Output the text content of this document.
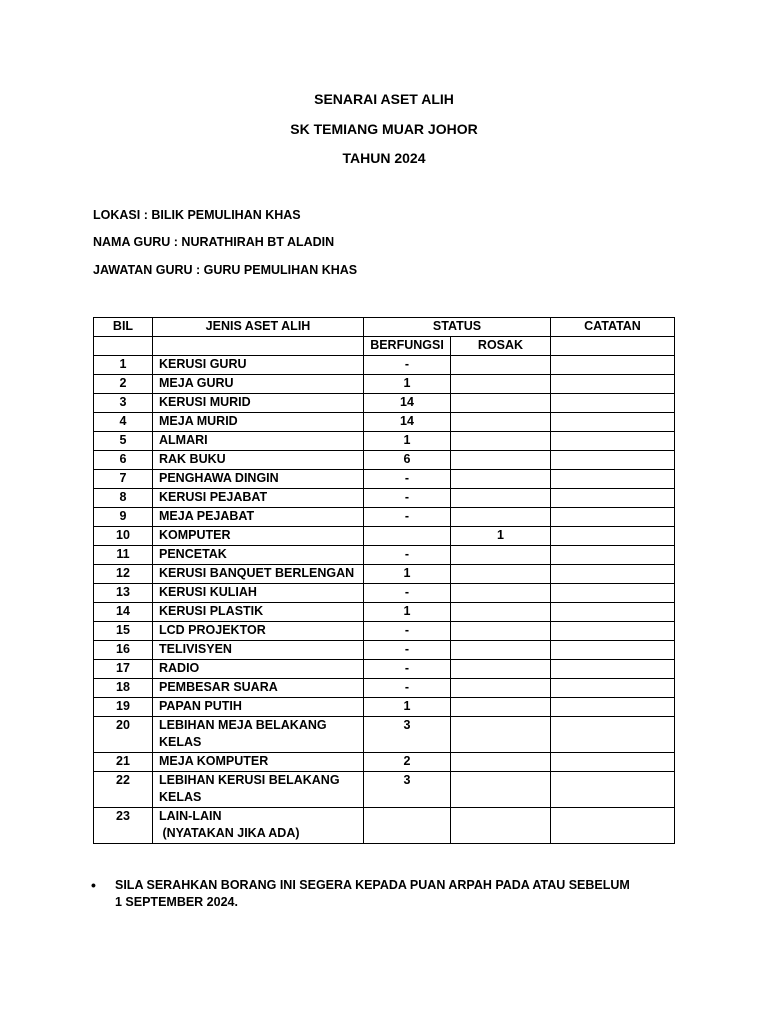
SENARAI ASET ALIH
SK TEMIANG MUAR JOHOR
TAHUN 2024
LOKASI : BILIK PEMULIHAN KHAS
NAMA GURU : NURATHIRAH BT ALADIN
JAWATAN GURU : GURU PEMULIHAN KHAS
BIL	JENIS ASET ALIH	STATUS		CATATAN
		BERFUNGSI	ROSAK	
1	KERUSI GURU	-		
2	MEJA GURU	1		
3	KERUSI MURID	14		
4	MEJA MURID	14		
5	ALMARI	1		
6	RAK BUKU	6		
7	PENGHAWA DINGIN	-		
8	KERUSI PEJABAT	-		
9	MEJA PEJABAT	-		
10	KOMPUTER		1	
11	PENCETAK	-		
12	KERUSI BANQUET BERLENGAN	1		
13	KERUSI KULIAH	-		
14	KERUSI PLASTIK	1		
15	LCD PROJEKTOR	-		
16	TELIVISYEN	-		
17	RADIO	-		
18	PEMBESAR SUARA	-		
19	PAPAN PUTIH	1		
20	LEBIHAN MEJA BELAKANG KELAS	3		
21	MEJA KOMPUTER	2		
22	LEBIHAN KERUSI BELAKANG KELAS	3		
23	LAIN-LAIN
(NYATAKAN JIKA ADA)			
• SILA SERAHKAN BORANG INI SEGERA KEPADA PUAN ARPAH PADA ATAU SEBELUM 1 SEPTEMBER 2024.
